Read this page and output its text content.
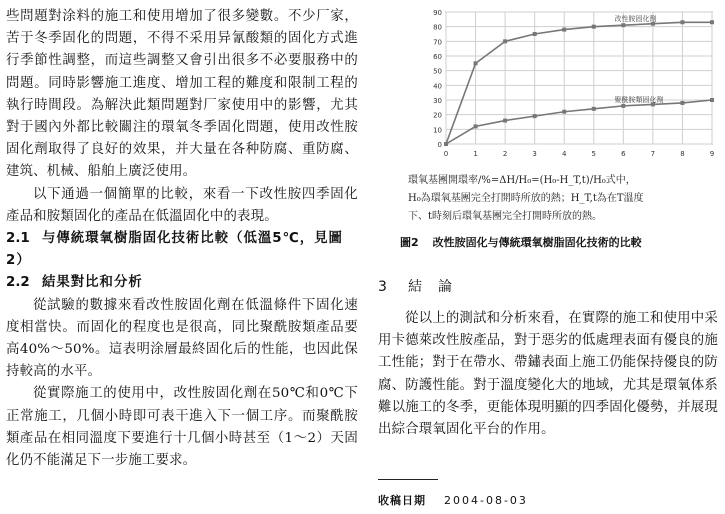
些問題對涂料的施工和使用增加了很多變數。不少厂家，苦于冬季固化的問題，不得不采用异氰酸類的固化方式進行季節性調整，而這些調整又會引出很多不必要服務中的問題。同時影響施工進度、增加工程的難度和限制工程的執行時間段。為解決此類問題對厂家使用中的影響，尤其對于國內外都比較關注的環氧冬季固化問題，使用改性胺固化劑取得了良好的效果，并大量在各种防腐、重防腐、建筑、机械、船舶上廣泛使用。

以下通過一個簡單的比較，來看一下改性胺四季固化產品和胺類固化的產品在低溫固化中的表現。

2.1 与傳統環氧樹脂固化技術比較（低溫5℃，見圖2）

2.2 結果對比和分析

從試驗的數據來看改性胺固化劑在低溫條件下固化速度相當快。而固化的程度也是很高，同比聚酰胺類產品要高40%～50%。這表明涂層最終固化后的性能，也因此保持較高的水平。

從實際施工的使用中，改性胺固化劑在50℃和0℃下正常施工，几個小時即可表干進入下一個工序。而聚酰胺類產品在相同溫度下要進行十几個小時甚至（1～2）天固化仍不能滿足下一步施工要求。

0
10
20
30
40
50
60
70
80
90
0	1	2	3	4	5	6	7	8	9
改性胺固化劑
聚酰胺類固化劑
環氧基團開環率/%=ΔH/H₀=(H₀-H_T,t)/H₀式中，
H₀為環氧基團完全打開時所放的熱；H_T,t為在T溫度
下、t時刻后環氧基團完全打開時所放的熱。
圖2 改性胺固化与傳統環氧樹脂固化技術的比較
3 結論

從以上的測試和分析來看，在實際的施工和使用中采用卡德萊改性胺產品，對于惡劣的低處理表面有優良的施工性能；對于在帶水、帶鏽表面上施工仍能保持優良的防腐、防護性能。對于溫度變化大的地域，尤其是環氧体系難以施工的冬季，更能体現明顯的四季固化優勢，并展現出綜合環氧固化平台的作用。

收稿日期 2004-08-03
